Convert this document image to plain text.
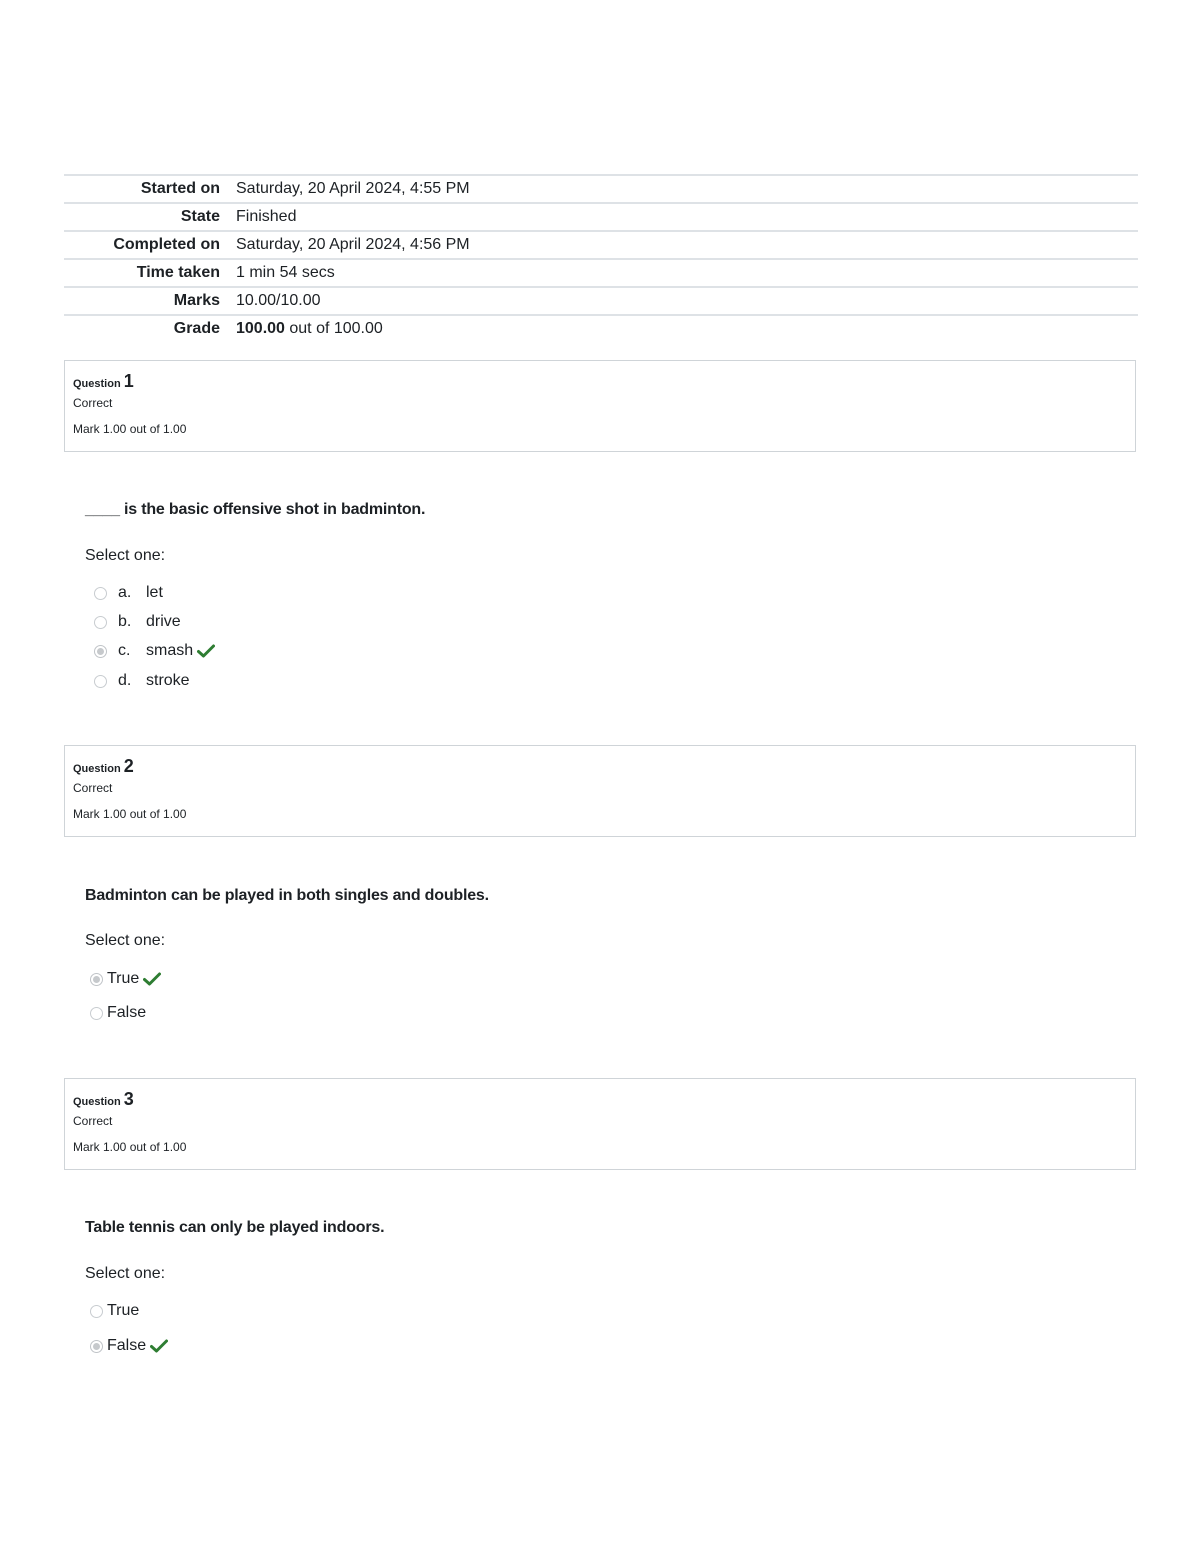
Started on	Saturday, 20 April 2024, 4:55 PM
State	Finished
Completed on	Saturday, 20 April 2024, 4:56 PM
Time taken	1 min 54 secs
Marks	10.00/10.00
Grade	100.00 out of 100.00
Question 1
Correct
Mark 1.00 out of 1.00
____ is the basic offensive shot in badminton.
Select one:
a. let
b. drive
c. smash
d. stroke
Question 2
Correct
Mark 1.00 out of 1.00
Badminton can be played in both singles and doubles.
Select one:
True
False
Question 3
Correct
Mark 1.00 out of 1.00
Table tennis can only be played indoors.
Select one:
True
False
